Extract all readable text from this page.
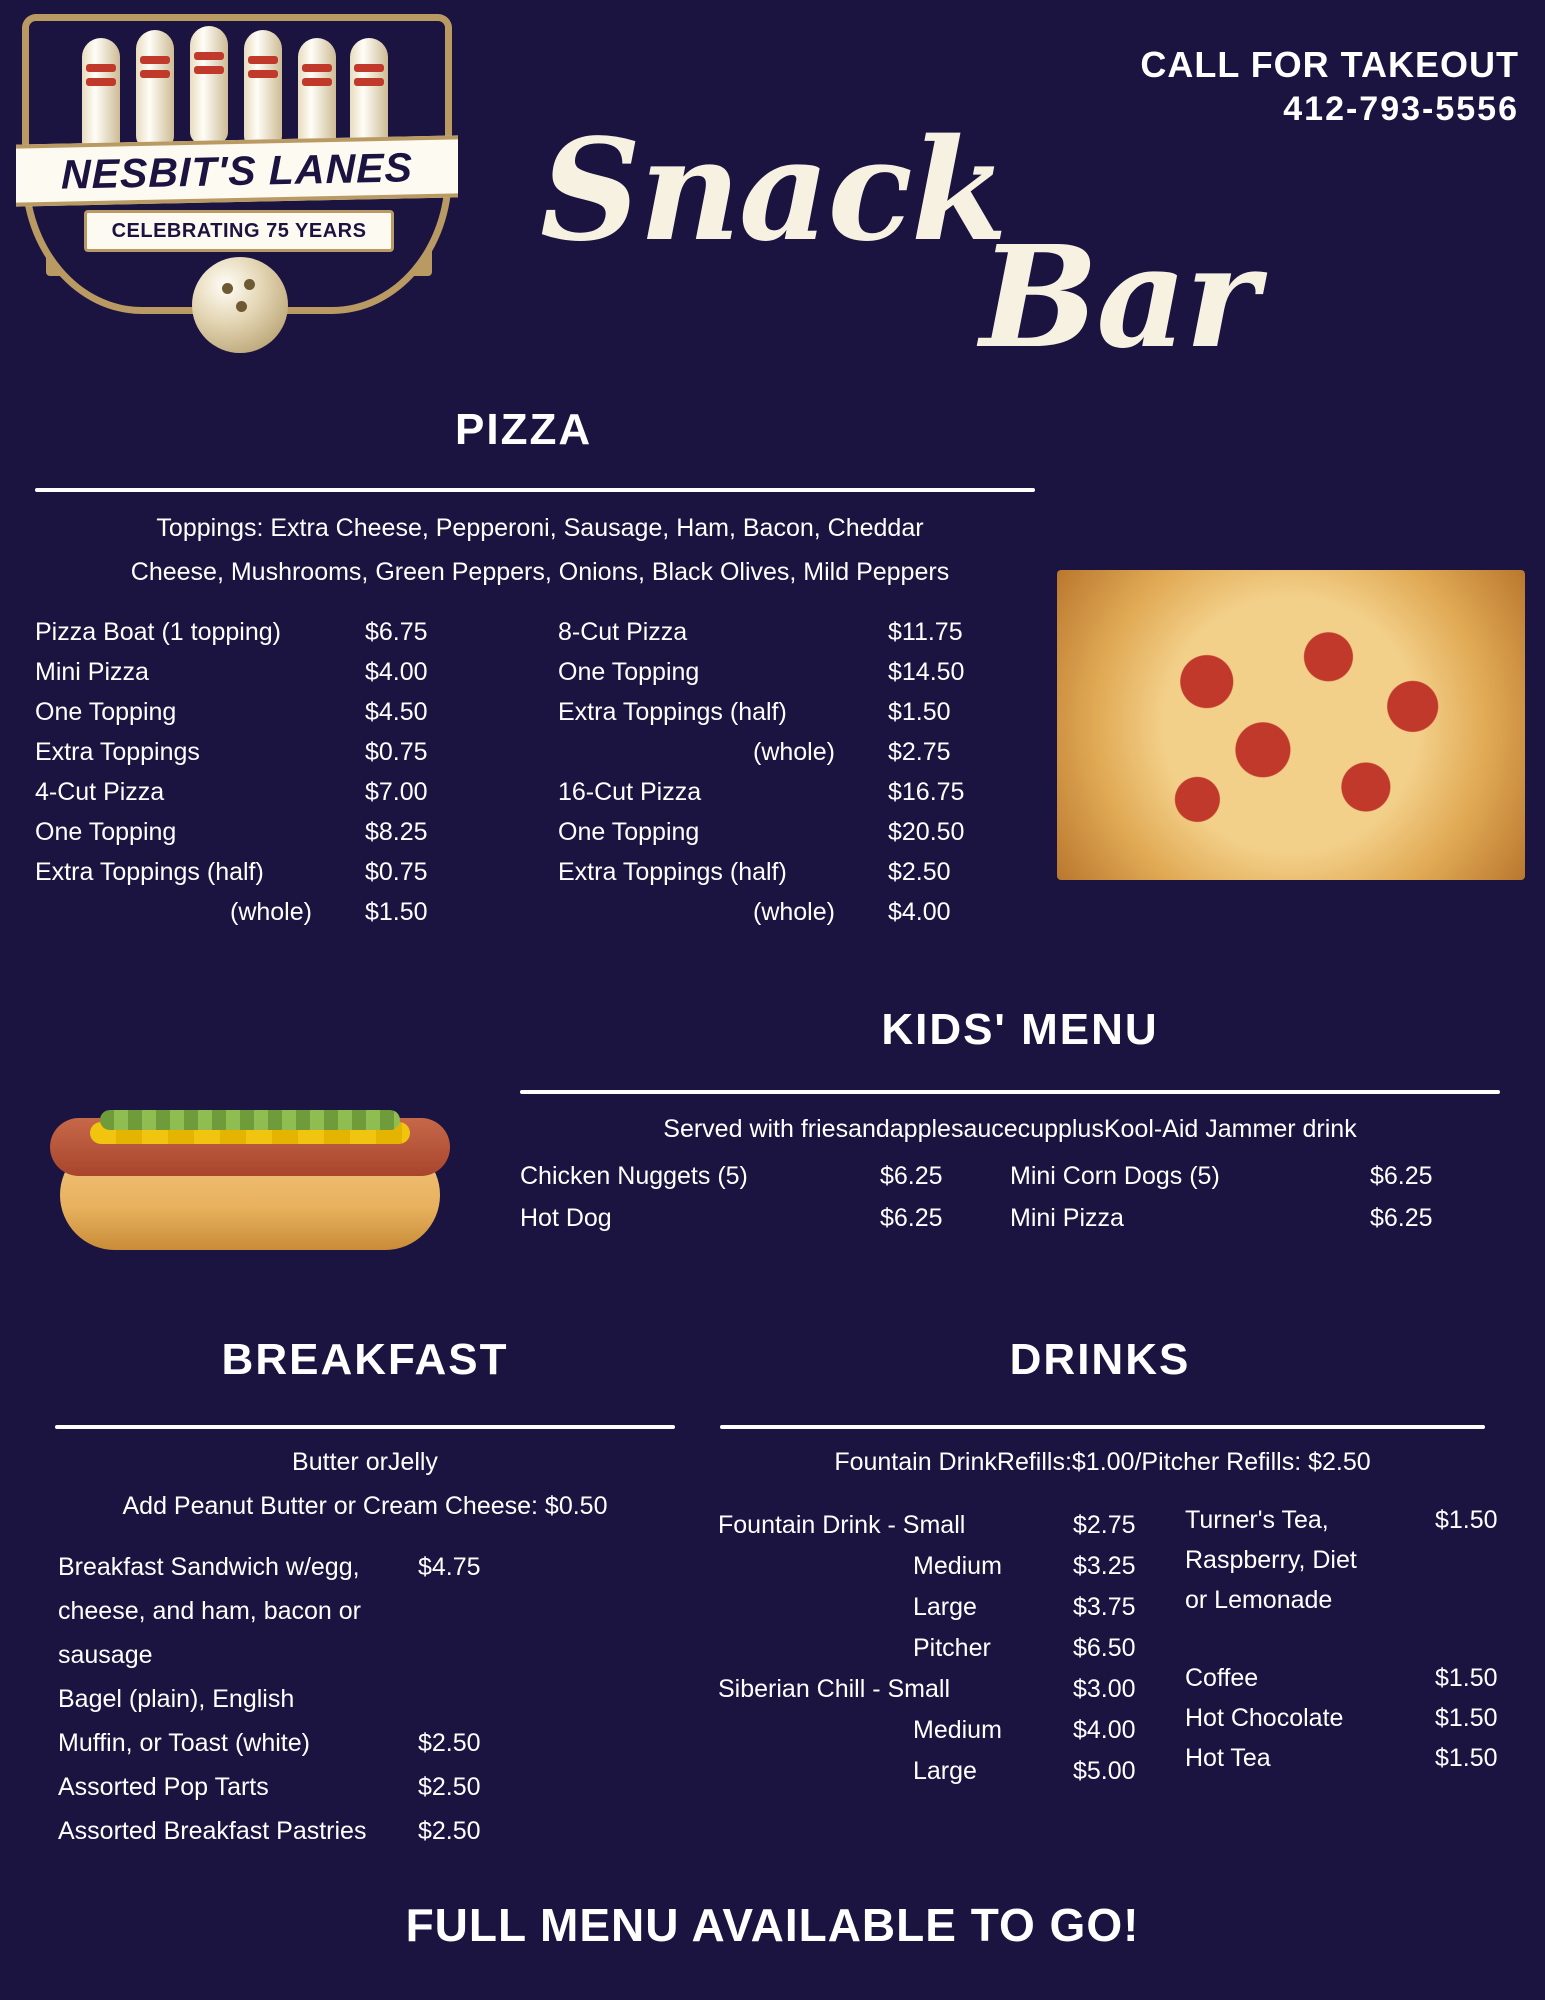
NESBIT'S LANES
CELEBRATING 75 YEARS
CALL FOR TAKEOUT
412-793-5556
Snack
Bar
PIZZA
Toppings: Extra Cheese, Pepperoni, Sausage, Ham, Bacon, Cheddar
Cheese, Mushrooms, Green Peppers, Onions, Black Olives, Mild Peppers
Pizza Boat (1 topping)	$6.75
Mini Pizza	$4.00
One Topping	$4.50
Extra Toppings	$0.75
4-Cut Pizza	$7.00
One Topping	$8.25
Extra Toppings (half)	$0.75
(whole)	$1.50
8-Cut Pizza	$11.75
One Topping	$14.50
Extra Toppings (half)	$1.50
(whole)	$2.75
16-Cut Pizza	$16.75
One Topping	$20.50
Extra Toppings (half)	$2.50
(whole)	$4.00
KIDS' MENU
Served with friesandapplesaucecupplusKool-Aid Jammer drink
Chicken Nuggets (5)	$6.25
Hot Dog	$6.25
Mini Corn Dogs (5)	$6.25
Mini Pizza	$6.25
BREAKFAST
Butter orJelly
Add Peanut Butter or Cream Cheese: $0.50
Breakfast Sandwich w/egg,	$4.75
cheese, and ham, bacon or
sausage
Bagel (plain), English
Muffin, or Toast (white)	$2.50
Assorted Pop Tarts	$2.50
Assorted Breakfast Pastries	$2.50
DRINKS
Fountain DrinkRefills:$1.00/Pitcher Refills: $2.50
Fountain Drink - Small	$2.75
Medium	$3.25
Large	$3.75
Pitcher	$6.50
Siberian Chill - Small	$3.00
Medium	$4.00
Large	$5.00
Turner's Tea,	$1.50
Raspberry, Diet
or Lemonade
Coffee	$1.50
Hot Chocolate	$1.50
Hot Tea	$1.50
FULL MENU AVAILABLE TO GO!
